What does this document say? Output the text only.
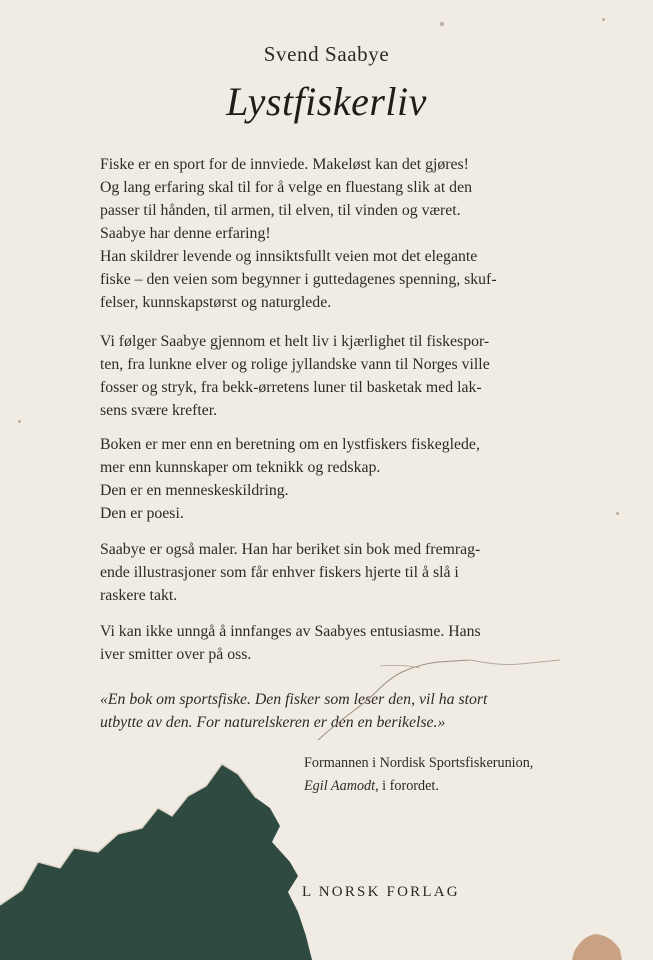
Svend Saabye
Lystfiskerliv
Fiske er en sport for de innviede. Makeløst kan det gjøres!
Og lang erfaring skal til for å velge en fluestang slik at den
passer til hånden, til armen, til elven, til vinden og været.
Saabye har denne erfaring!
Han skildrer levende og innsiktsfullt veien mot det elegante
fiske – den veien som begynner i guttedagenes spenning, skuf-
felser, kunnskapstørst og naturglede.
Vi følger Saabye gjennom et helt liv i kjærlighet til fiskespor-
ten, fra lunkne elver og rolige jyllandske vann til Norges ville
fosser og stryk, fra bekk-ørretens luner til basketak med lak-
sens svære krefter.
Boken er mer enn en beretning om en lystfiskers fiskeglede,
mer enn kunnskaper om teknikk og redskap.
Den er en menneskeskildring.
Den er poesi.
Saabye er også maler. Han har beriket sin bok med fremrag-
ende illustrasjoner som får enhver fiskers hjerte til å slå i
raskere takt.
Vi kan ikke unngå å innfanges av Saabyes entusiasme. Hans
iver smitter over på oss.
«En bok om sportsfiske. Den fisker som leser den, vil ha stort
utbytte av den. For naturelskeren er den en berikelse.»
Formannen i Nordisk Sportsfiskerunion,
Egil Aamodt, i forordet.
L NORSK FORLAG
